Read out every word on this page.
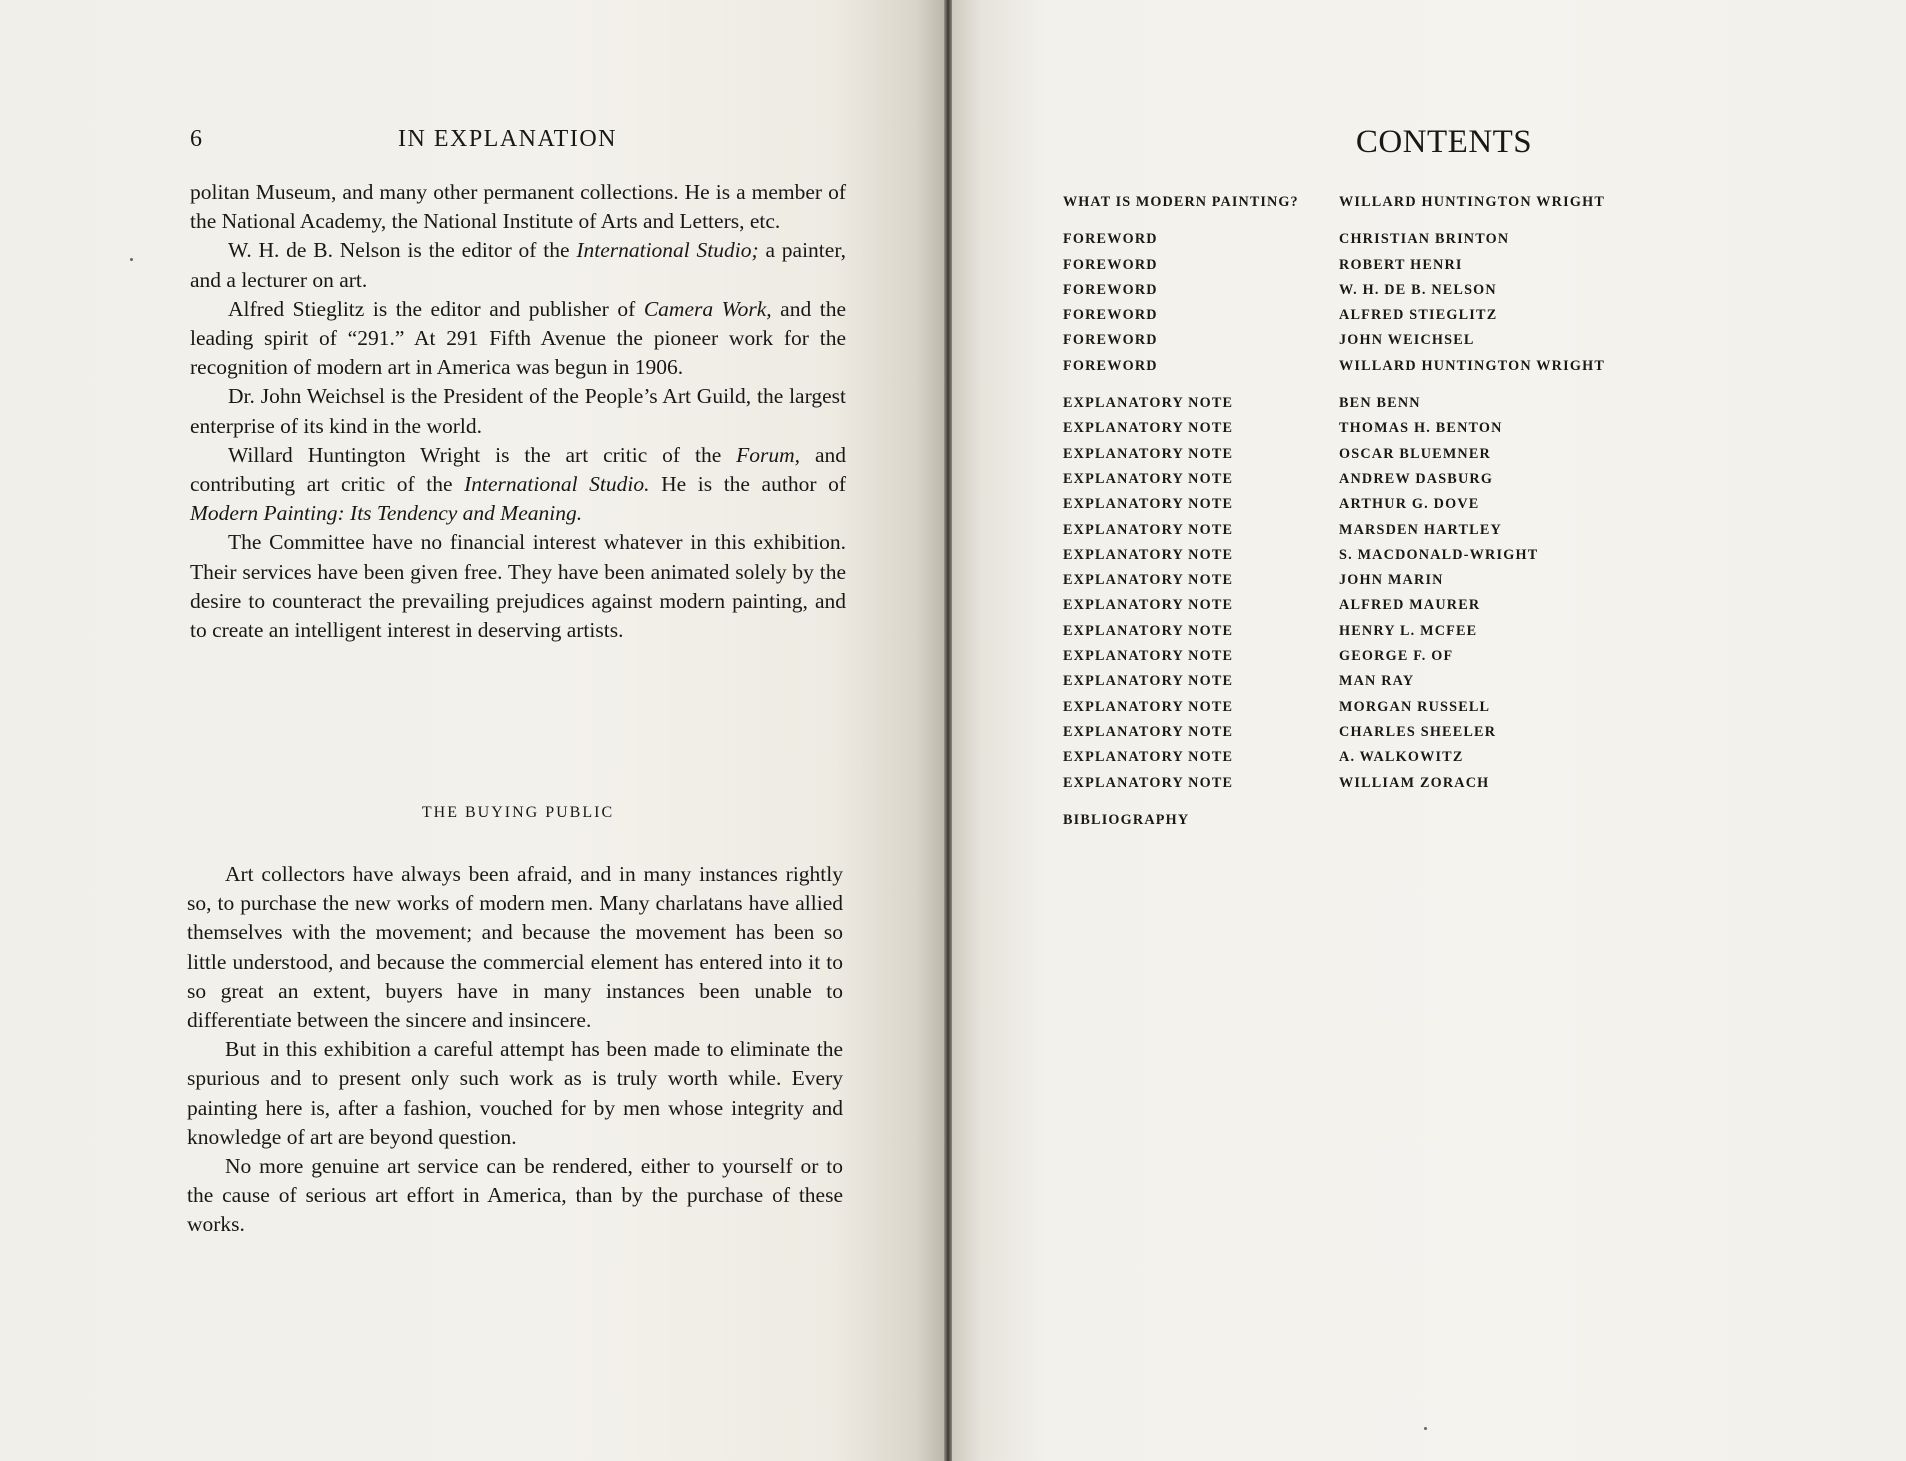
6	IN EXPLANATION

politan Museum, and many other permanent collections. He is a member of the National Academy, the National Institute of Arts and Letters, etc.

W. H. de B. Nelson is the editor of the International Studio; a painter, and a lecturer on art.

Alfred Stieglitz is the editor and publisher of Camera Work, and the leading spirit of “291.” At 291 Fifth Avenue the pioneer work for the recognition of modern art in America was begun in 1906.

Dr. John Weichsel is the President of the People’s Art Guild, the largest enterprise of its kind in the world.

Willard Huntington Wright is the art critic of the Forum, and contributing art critic of the International Studio. He is the author of Modern Painting: Its Tendency and Meaning.

The Committee have no financial interest whatever in this exhibition. Their services have been given free. They have been animated solely by the desire to counteract the prevailing prejudices against modern painting, and to create an intelligent interest in deserving artists.

THE BUYING PUBLIC

Art collectors have always been afraid, and in many instances rightly so, to purchase the new works of modern men. Many charlatans have allied themselves with the movement; and because the movement has been so little understood, and because the commercial element has entered into it to so great an extent, buyers have in many instances been unable to differentiate between the sincere and insincere.

But in this exhibition a careful attempt has been made to eliminate the spurious and to present only such work as is truly worth while. Every painting here is, after a fashion, vouched for by men whose integrity and knowledge of art are beyond question.

No more genuine art service can be rendered, either to yourself or to the cause of serious art effort in America, than by the purchase of these works.

CONTENTS
WHAT IS MODERN PAINTING?	WILLARD HUNTINGTON WRIGHT
FOREWORD	CHRISTIAN BRINTON
FOREWORD	ROBERT HENRI
FOREWORD	W. H. DE B. NELSON
FOREWORD	ALFRED STIEGLITZ
FOREWORD	JOHN WEICHSEL
FOREWORD	WILLARD HUNTINGTON WRIGHT
EXPLANATORY NOTE	BEN BENN
EXPLANATORY NOTE	THOMAS H. BENTON
EXPLANATORY NOTE	OSCAR BLUEMNER
EXPLANATORY NOTE	ANDREW DASBURG
EXPLANATORY NOTE	ARTHUR G. DOVE
EXPLANATORY NOTE	MARSDEN HARTLEY
EXPLANATORY NOTE	S. MACDONALD-WRIGHT
EXPLANATORY NOTE	JOHN MARIN
EXPLANATORY NOTE	ALFRED MAURER
EXPLANATORY NOTE	HENRY L. MCFEE
EXPLANATORY NOTE	GEORGE F. OF
EXPLANATORY NOTE	MAN RAY
EXPLANATORY NOTE	MORGAN RUSSELL
EXPLANATORY NOTE	CHARLES SHEELER
EXPLANATORY NOTE	A. WALKOWITZ
EXPLANATORY NOTE	WILLIAM ZORACH
BIBLIOGRAPHY
